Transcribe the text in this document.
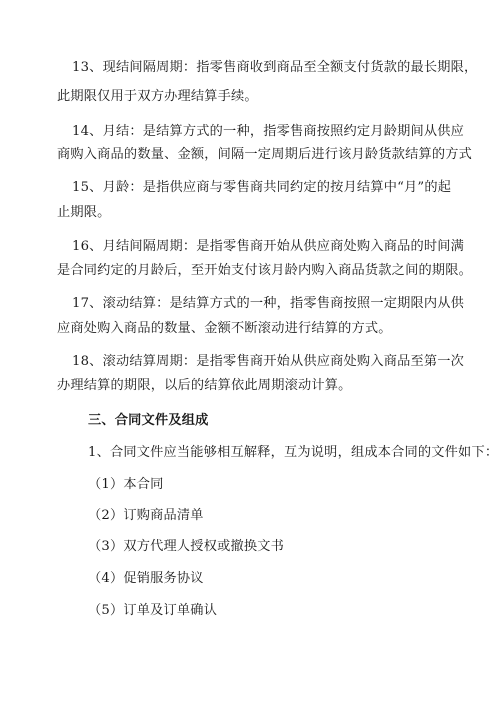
13、现结间隔周期：指零售商收到商品至全额支付货款的最长期限，
此期限仅用于双方办理结算手续。
14、月结：是结算方式的一种，指零售商按照约定月龄期间从供应
商购入商品的数量、金额，间隔一定周期后进行该月龄货款结算的方式
15、月龄：是指供应商与零售商共同约定的按月结算中“月”的起
止期限。
16、月结间隔周期：是指零售商开始从供应商处购入商品的时间满
是合同约定的月龄后，至开始支付该月龄内购入商品货款之间的期限。
17、滚动结算：是结算方式的一种，指零售商按照一定期限内从供
应商处购入商品的数量、金额不断滚动进行结算的方式。
18、滚动结算周期：是指零售商开始从供应商处购入商品至第一次
办理结算的期限，以后的结算依此周期滚动计算。
三、合同文件及组成
1、合同文件应当能够相互解释，互为说明，组成本合同的文件如下：
（1）本合同
（2）订购商品清单
（3）双方代理人授权或撤换文书
（4）促销服务协议
（5）订单及订单确认
